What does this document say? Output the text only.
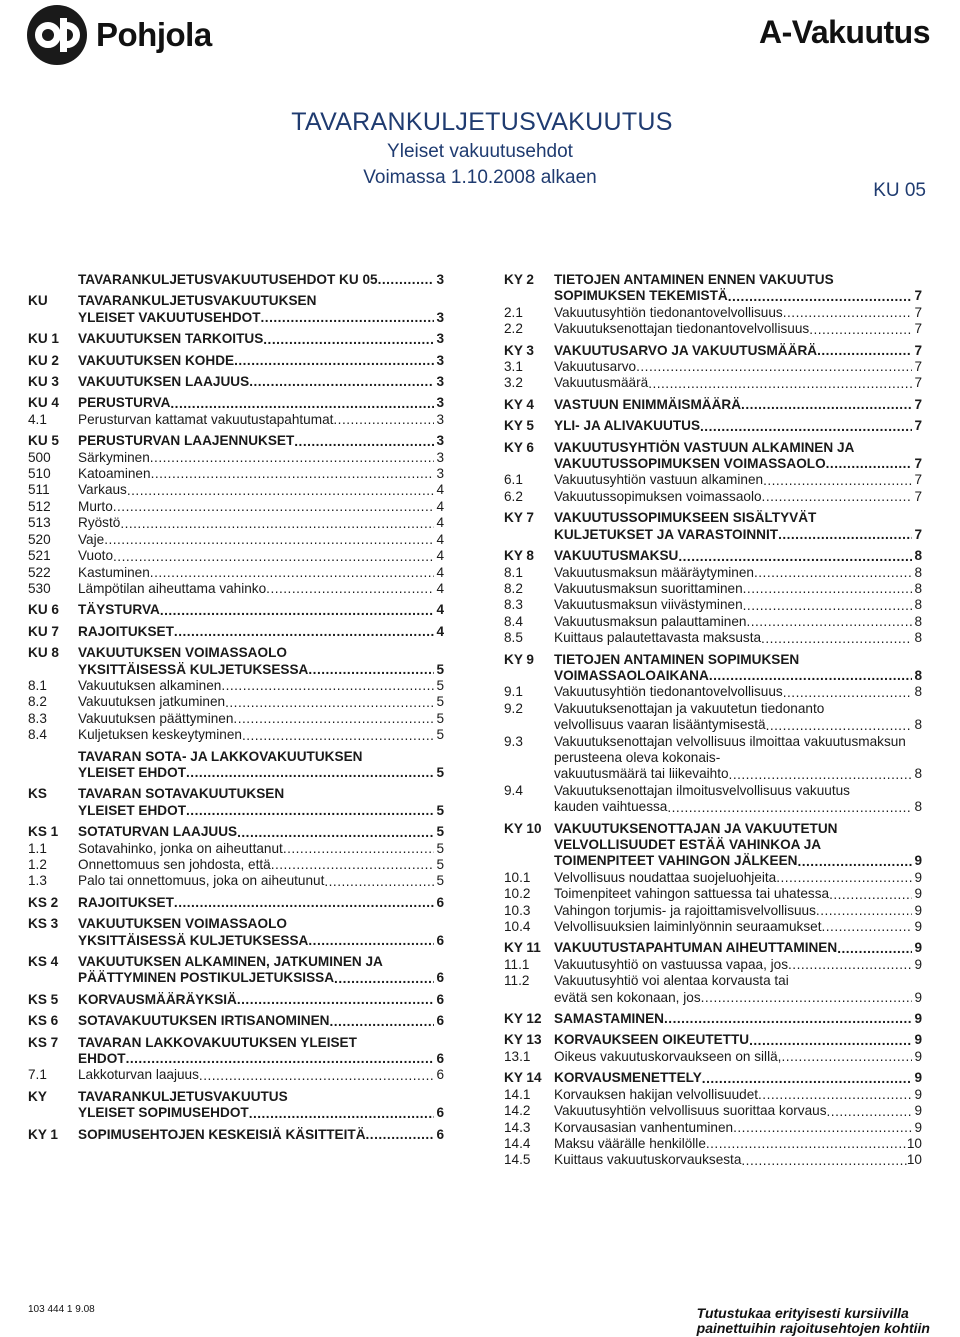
Pohjola	A-Vakuutus
TAVARANKULJETUSVAKUUTUS
Yleiset vakuutusehdot
Voimassa 1.10.2008 alkaen
KU 05
TAVARANKULJETUSVAKUUTUSEHDOT KU 05 .....	3
KU	TAVARANKULJETUSVAKUUTUKSEN
YLEISET VAKUUTUSEHDOT .....	3
KU 1	VAKUUTUKSEN TARKOITUS .....	3
KU 2	VAKUUTUKSEN KOHDE .....	3
KU 3	VAKUUTUKSEN LAAJUUS .....	3
KU 4	PERUSTURVA .....	3
4.1	Perusturvan kattamat vakuutustapahtumat .....	3
KU 5	PERUSTURVAN LAAJENNUKSET .....	3
500	Särkyminen .....	3
510	Katoaminen .....	3
511	Varkaus .....	4
512	Murto .....	4
513	Ryöstö .....	4
520	Vaje .....	4
521	Vuoto .....	4
522	Kastuminen .....	4
530	Lämpötilan aiheuttama vahinko .....	4
KU 6	TÄYSTURVA .....	4
KU 7	RAJOITUKSET .....	4
KU 8	VAKUUTUKSEN VOIMASSAOLO
YKSITTÄISESSÄ KULJETUKSESSA .....	5
8.1	Vakuutuksen alkaminen .....	5
8.2	Vakuutuksen jatkuminen .....	5
8.3	Vakuutuksen päättyminen .....	5
8.4	Kuljetuksen keskeytyminen .....	5
TAVARAN SOTA- JA LAKKOVAKUUTUKSEN
YLEISET EHDOT .....	5
KS	TAVARAN SOTAVAKUUTUKSEN
YLEISET EHDOT .....	5
KS 1	SOTATURVAN LAAJUUS .....	5
1.1	Sotavahinko, jonka on aiheuttanut .....	5
1.2	Onnettomuus sen johdosta, että .....	5
1.3	Palo tai onnettomuus, joka on aiheutunut .....	5
KS 2	RAJOITUKSET .....	6
KS 3	VAKUUTUKSEN VOIMASSAOLO
YKSITTÄISESSÄ KULJETUKSESSA .....	6
KS 4	VAKUUTUKSEN ALKAMINEN, JATKUMINEN JA
PÄÄTTYMINEN POSTIKULJETUKSISSA .....	6
KS 5	KORVAUSMÄÄRÄYKSIÄ .....	6
KS 6	SOTAVAKUUTUKSEN IRTISANOMINEN .....	6
KS 7	TAVARAN LAKKOVAKUUTUKSEN YLEISET
EHDOT .....	6
7.1	Lakkoturvan laajuus .....	6
KY	TAVARANKULJETUSVAKUUTUS
YLEISET SOPIMUSEHDOT .....	6
KY 1	SOPIMUSEHTOJEN KESKEISIÄ KÄSITTEITÄ .....	6
KY 2	TIETOJEN ANTAMINEN ENNEN VAKUUTUS
SOPIMUKSEN TEKEMISTÄ .....	7
2.1	Vakuutusyhtiön tiedonantovelvollisuus .....	7
2.2	Vakuutuksenottajan tiedonantovelvollisuus .....	7
KY 3	VAKUUTUSARVO JA VAKUUTUSMÄÄRÄ .....	7
3.1	Vakuutusarvo .....	7
3.2	Vakuutusmäärä .....	7
KY 4	VASTUUN ENIMMÄISMÄÄRÄ .....	7
KY 5	YLI- JA ALIVAKUUTUS .....	7
KY 6	VAKUUTUSYHTIÖN VASTUUN ALKAMINEN JA
VAKUUTUSSOPIMUKSEN VOIMASSAOLO .....	7
6.1	Vakuutusyhtiön vastuun alkaminen .....	7
6.2	Vakuutussopimuksen voimassaolo .....	7
KY 7	VAKUUTUSSOPIMUKSEEN SISÄLTYVÄT
KULJETUKSET JA VARASTOINNIT .....	7
KY 8	VAKUUTUSMAKSU .....	8
8.1	Vakuutusmaksun määräytyminen .....	8
8.2	Vakuutusmaksun suorittaminen .....	8
8.3	Vakuutusmaksun viivästyminen .....	8
8.4	Vakuutusmaksun palauttaminen .....	8
8.5	Kuittaus palautettavasta maksusta .....	8
KY 9	TIETOJEN ANTAMINEN SOPIMUKSEN
VOIMASSAOLOAIKANA .....	8
9.1	Vakuutusyhtiön tiedonantovelvollisuus .....	8
9.2	Vakuutuksenottajan ja vakuutetun tiedonanto
velvollisuus vaaran lisääntymisestä .....	8
9.3	Vakuutuksenottajan velvollisuus ilmoittaa vakuutusmaksun perusteena oleva kokonais-
vakuutusmäärä tai liikevaihto .....	8
9.4	Vakuutuksenottajan ilmoitusvelvollisuus vakuutus
kauden vaihtuessa .....	8
KY 10 VAKUUTUKSENOTTAJAN JA VAKUUTETUN VELVOLLISUUDET ESTÄÄ VAHINKOA JA
TOIMENPITEET VAHINGON JÄLKEEN .....	9
10.1	Velvollisuus noudattaa suojeluohjeita .....	9
10.2	Toimenpiteet vahingon sattuessa tai uhatessa .....	9
10.3	Vahingon torjumis- ja rajoittamisvelvollisuus .....	9
10.4	Velvollisuuksien laiminlyönnin seuraamukset .....	9
KY 11 VAKUUTUSTAPAHTUMAN AIHEUTTAMINEN .....	9
11.1	Vakuutusyhtiö on vastuussa vapaa, jos .....	9
11.2	Vakuutusyhtiö voi alentaa korvausta tai
evätä sen kokonaan, jos .....	9
KY 12 SAMASTAMINEN .....	9
KY 13 KORVAUKSEEN OIKEUTETTU .....	9
13.1	Oikeus vakuutuskorvaukseen on sillä, .....	9
KY 14 KORVAUSMENETTELY .....	9
14.1	Korvauksen hakijan velvollisuudet .....	9
14.2	Vakuutusyhtiön velvollisuus suorittaa korvaus .....	9
14.3	Korvausasian vanhentuminen .....	9
14.4	Maksu väärälle henkilölle .....	10
14.5	Kuittaus vakuutuskorvauksesta .....	10
103 444 1 9.08	Tutustukaa erityisesti kursiivilla
painettuihin rajoitusehtojen kohtiin
